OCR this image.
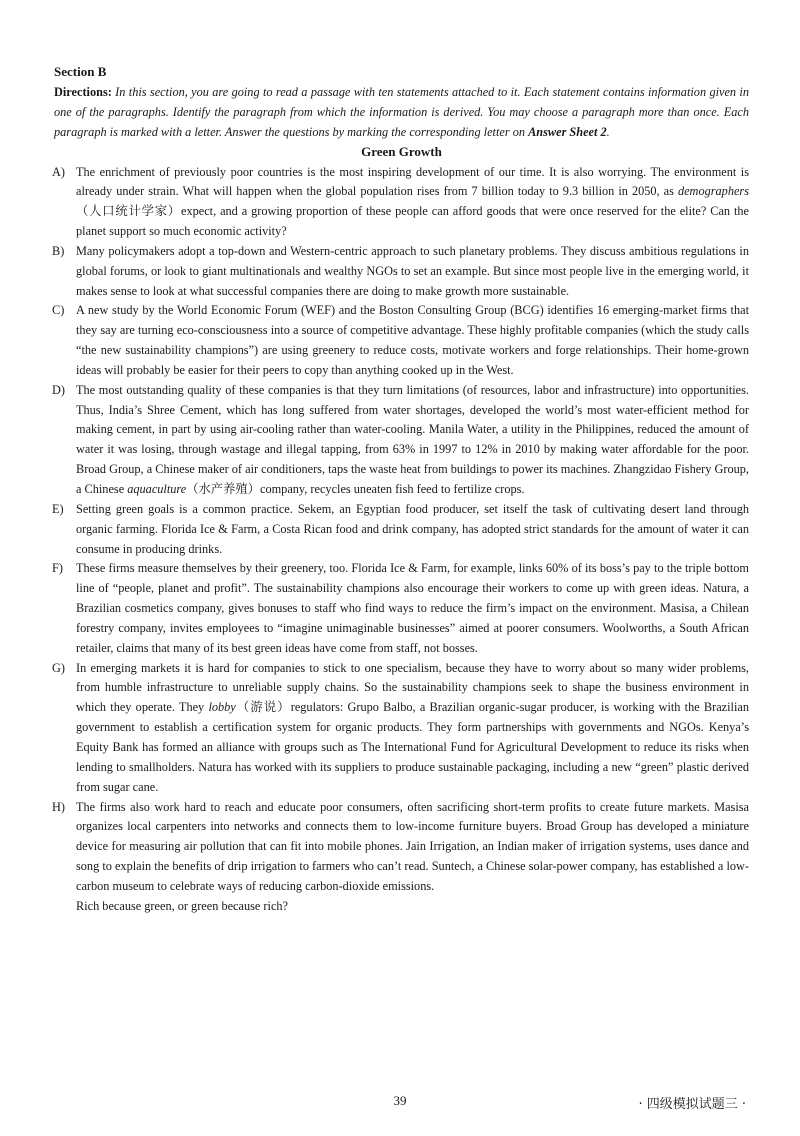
Section B

Directions: In this section, you are going to read a passage with ten statements attached to it. Each statement contains information given in one of the paragraphs. Identify the paragraph from which the information is derived. You may choose a paragraph more than once. Each paragraph is marked with a letter. Answer the questions by marking the corresponding letter on Answer Sheet 2.

Green Growth
A) The enrichment of previously poor countries is the most inspiring development of our time. It is also worrying. The environment is already under strain. What will happen when the global population rises from 7 billion today to 9.3 billion in 2050, as demographers（人口统计学家）expect, and a growing proportion of these people can afford goods that were once reserved for the elite? Can the planet support so much economic activity?

B) Many policymakers adopt a top-down and Western-centric approach to such planetary problems. They discuss ambitious regulations in global forums, or look to giant multinationals and wealthy NGOs to set an example. But since most people live in the emerging world, it makes sense to look at what successful companies there are doing to make growth more sustainable.

C) A new study by the World Economic Forum (WEF) and the Boston Consulting Group (BCG) identifies 16 emerging-market firms that they say are turning eco-consciousness into a source of competitive advantage. These highly profitable companies (which the study calls “the new sustainability champions”) are using greenery to reduce costs, motivate workers and forge relationships. Their home-grown ideas will probably be easier for their peers to copy than anything cooked up in the West.

D) The most outstanding quality of these companies is that they turn limitations (of resources, labor and infrastructure) into opportunities. Thus, India’s Shree Cement, which has long suffered from water shortages, developed the world’s most water-efficient method for making cement, in part by using air-cooling rather than water-cooling. Manila Water, a utility in the Philippines, reduced the amount of water it was losing, through wastage and illegal tapping, from 63% in 1997 to 12% in 2010 by making water affordable for the poor. Broad Group, a Chinese maker of air conditioners, taps the waste heat from buildings to power its machines. Zhangzidao Fishery Group, a Chinese aquaculture（水产养殖）company, recycles uneaten fish feed to fertilize crops.

E)	Setting green goals is a common practice. Sekem, an Egyptian food producer, set itself the task of cultivating desert land through organic farming. Florida Ice & Farm, a Costa Rican food and drink company, has adopted strict standards for the amount of water it can consume in producing drinks.

F)	These firms measure themselves by their greenery, too. Florida Ice & Farm, for example, links 60% of its boss’s pay to the triple bottom line of “people, planet and profit”. The sustainability champions also encourage their workers to come up with green ideas. Natura, a Brazilian cosmetics company, gives bonuses to staff who find ways to reduce the firm’s impact on the environment. Masisa, a Chilean forestry company, invites employees to “imagine unimaginable businesses” aimed at poorer consumers. Woolworths, a South African retailer, claims that many of its best green ideas have come from staff, not bosses.

G) In emerging markets it is hard for companies to stick to one specialism, because they have to worry about so many wider problems, from humble infrastructure to unreliable supply chains. So the sustainability champions seek to shape the business environment in which they operate. They lobby（游说）regulators: Grupo Balbo, a Brazilian organic-sugar producer, is working with the Brazilian government to establish a certification system for organic products. They form partnerships with governments and NGOs. Kenya’s Equity Bank has formed an alliance with groups such as The International Fund for Agricultural Development to reduce its risks when lending to smallholders. Natura has worked with its suppliers to produce sustainable packaging, including a new “green” plastic derived from sugar cane.

H) The firms also work hard to reach and educate poor consumers, often sacrificing short-term profits to create future markets. Masisa organizes local carpenters into networks and connects them to low-income furniture buyers. Broad Group has developed a miniature device for measuring air pollution that can fit into mobile phones. Jain Irrigation, an Indian maker of irrigation systems, uses dance and song to explain the benefits of drip irrigation to farmers who can’t read. Suntech, a Chinese solar-power company, has established a low-carbon museum to celebrate ways of reducing carbon-dioxide emissions.

Rich because green, or green because rich?
39	· 四级模拟试题三 ·
